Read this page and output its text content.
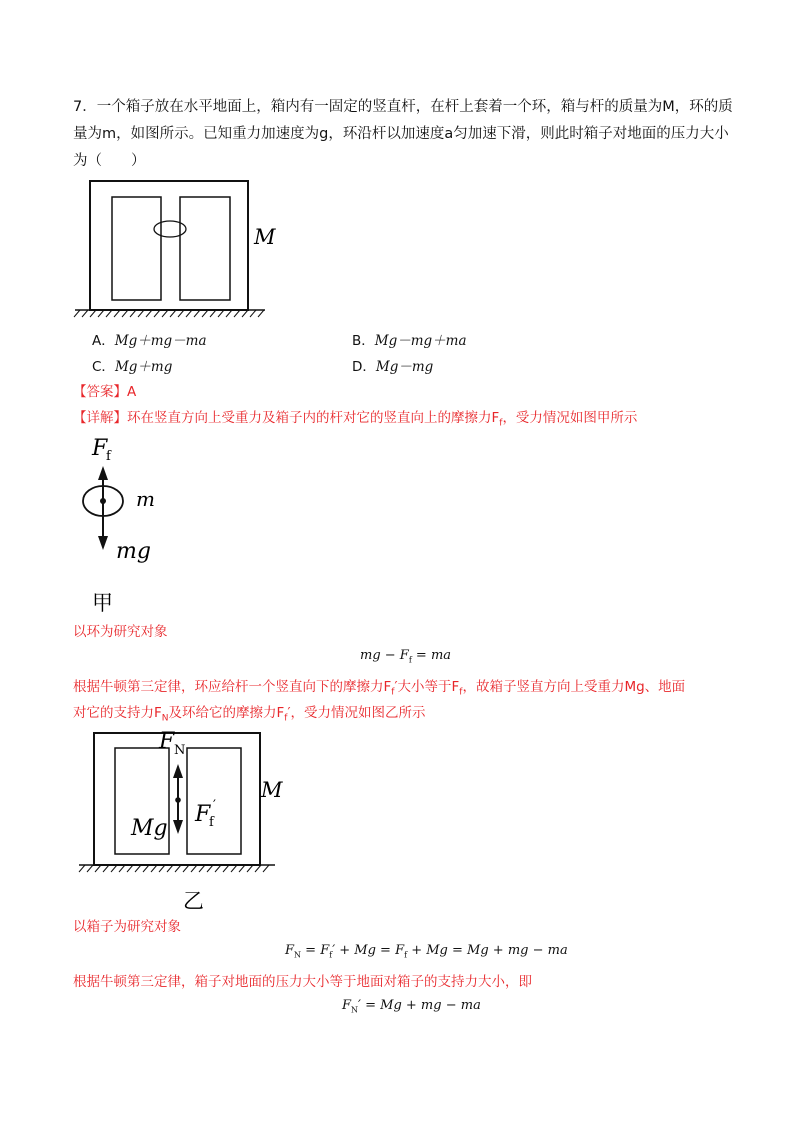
7．一个箱子放在水平地面上，箱内有一固定的竖直杆，在杆上套着一个环，箱与杆的质量为M，环的质
量为m，如图所示。已知重力加速度为g，环沿杆以加速度a匀加速下滑，则此时箱子对地面的压力大小
为（　　）
M
A．Mg＋mg－ma	B．Mg－mg＋ma
C．Mg＋mg	D．Mg－mg
【答案】A
【详解】环在竖直方向上受重力及箱子内的杆对它的竖直向上的摩擦力$F_f$，受力情况如图甲所示
F
f
m
mg
甲
以环为研究对象
mg − $F_f$ = ma
根据牛顿第三定律，环应给杆一个竖直向下的摩擦力$F_f'$大小等于$F_f$，故箱子竖直方向上受重力Mg、地面
对它的支持力$F_N$及环给它的摩擦力$F_f'$，受力情况如图乙所示
F N
M
Mg
F
f
′
乙
以箱子为研究对象
$F_N = F_f' + Mg = F_f + Mg = Mg$ + mg − ma
根据牛顿第三定律，箱子对地面的压力大小等于地面对箱子的支持力大小，即
$F_N' = Mg$ + mg − ma
